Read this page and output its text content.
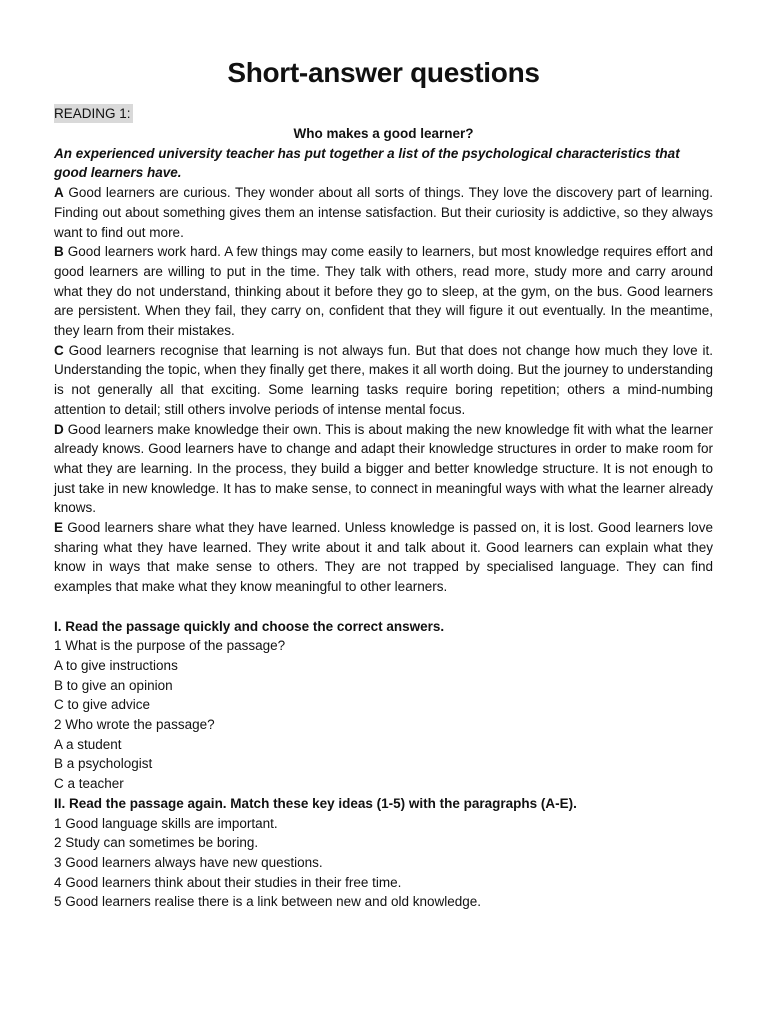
Short-answer questions
READING 1:
Who makes a good learner?
An experienced university teacher has put together a list of the psychological characteristics that good learners have.

A Good learners are curious. They wonder about all sorts of things. They love the discovery part of learning. Finding out about something gives them an intense satisfaction. But their curiosity is addictive, so they always want to find out more.

B Good learners work hard. A few things may come easily to learners, but most knowledge requires effort and good learners are willing to put in the time. They talk with others, read more, study more and carry around what they do not understand, thinking about it before they go to sleep, at the gym, on the bus. Good learners are persistent. When they fail, they carry on, confident that they will figure it out eventually. In the meantime, they learn from their mistakes.

C Good learners recognise that learning is not always fun. But that does not change how much they love it. Understanding the topic, when they finally get there, makes it all worth doing. But the journey to understanding is not generally all that exciting. Some learning tasks require boring repetition; others a mind-numbing attention to detail; still others involve periods of intense mental focus.

D Good learners make knowledge their own. This is about making the new knowledge fit with what the learner already knows. Good learners have to change and adapt their knowledge structures in order to make room for what they are learning. In the process, they build a bigger and better knowledge structure. It is not enough to just take in new knowledge. It has to make sense, to connect in meaningful ways with what the learner already knows.

E Good learners share what they have learned. Unless knowledge is passed on, it is lost. Good learners love sharing what they have learned. They write about it and talk about it. Good learners can explain what they know in ways that make sense to others. They are not trapped by specialised language. They can find examples that make what they know meaningful to other learners.

I. Read the passage quickly and choose the correct answers.
1 What is the purpose of the passage?
A to give instructions
B to give an opinion
C to give advice
2 Who wrote the passage?
A a student
B a psychologist
C a teacher
II. Read the passage again. Match these key ideas (1-5) with the paragraphs (A-E).
1 Good language skills are important.
2 Study can sometimes be boring.
3 Good learners always have new questions.
4 Good learners think about their studies in their free time.
5 Good learners realise there is a link between new and old knowledge.
